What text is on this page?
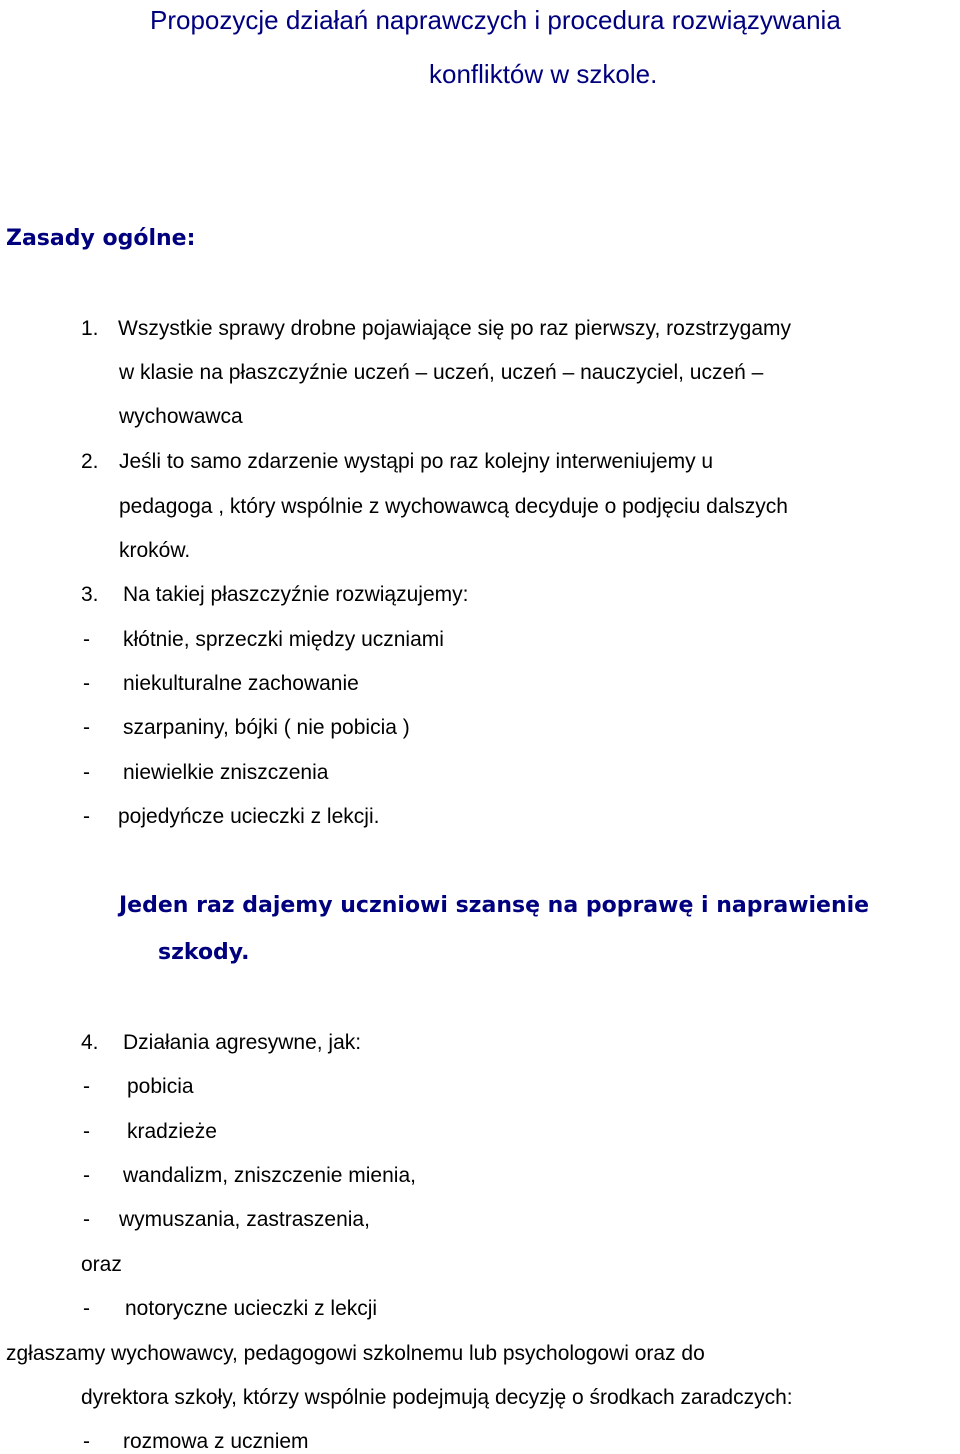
Propozycje działań naprawczych i procedura rozwiązywania
konfliktów w szkole.
Zasady ogólne:
1. Wszystkie sprawy drobne pojawiające się po raz pierwszy, rozstrzygamy
w klasie na płaszczyźnie uczeń – uczeń, uczeń – nauczyciel, uczeń –
wychowawca
2. Jeśli to samo zdarzenie wystąpi po raz kolejny interweniujemy u
pedagoga , który wspólnie z wychowawcą decyduje o podjęciu dalszych
kroków.
3. Na takiej płaszczyźnie rozwiązujemy:
- kłótnie, sprzeczki między uczniami
- niekulturalne zachowanie
- szarpaniny, bójki ( nie pobicia )
- niewielkie zniszczenia
- pojedyńcze ucieczki z lekcji.
Jeden raz dajemy uczniowi szansę na poprawę i naprawienie
szkody.
4. Działania agresywne, jak:
- pobicia
- kradzieże
- wandalizm, zniszczenie mienia,
- wymuszania, zastraszenia,
oraz
- notoryczne ucieczki z lekcji
zgłaszamy wychowawcy, pedagogowi szkolnemu lub psychologowi oraz do
dyrektora szkoły, którzy wspólnie podejmują decyzję o środkach zaradczych:
- rozmowa z uczniem
